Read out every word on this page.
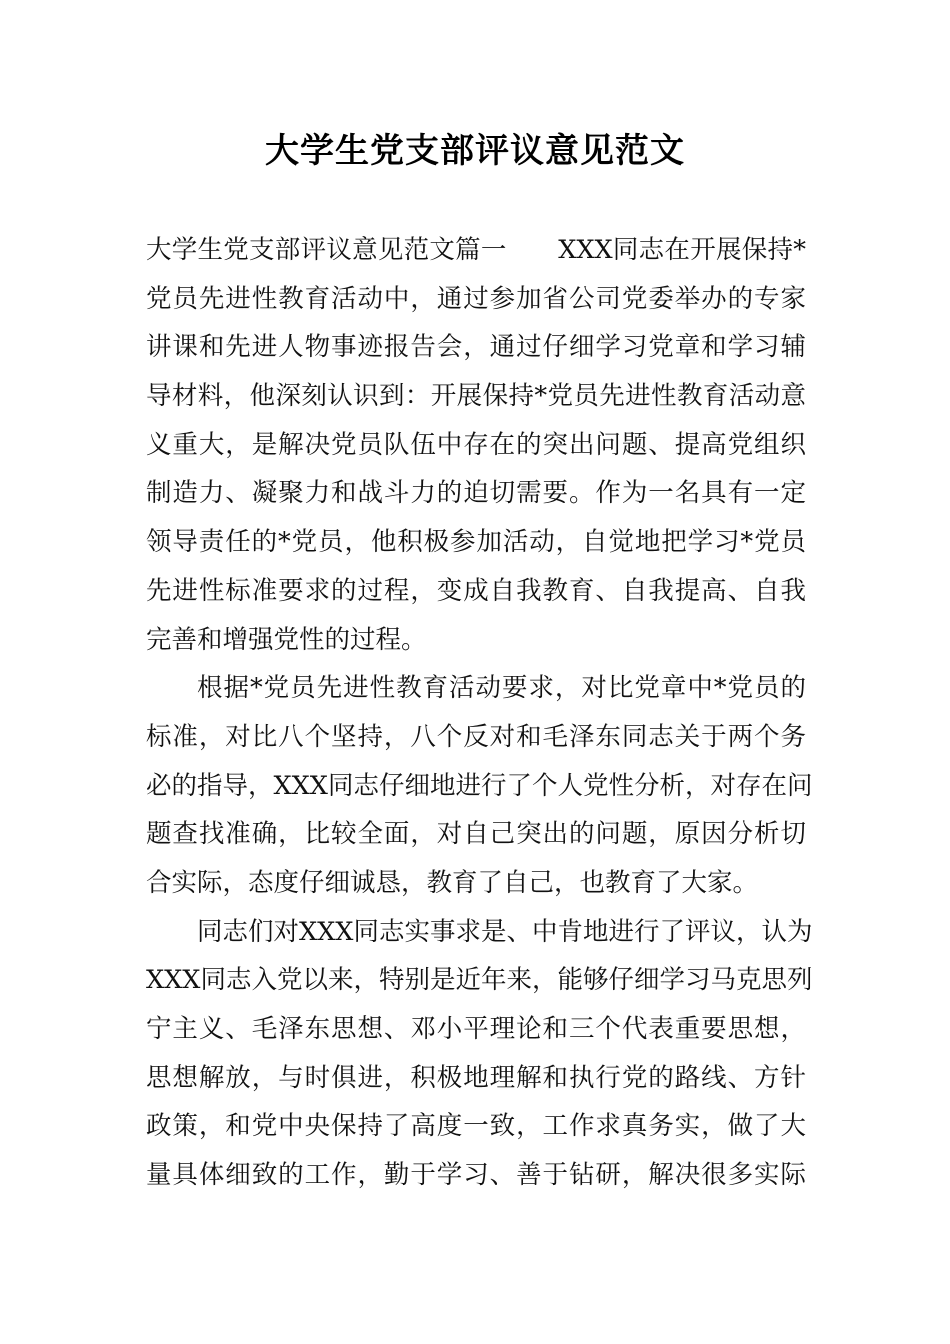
大学生党支部评议意见范文
大学生党支部评议意见范文篇一　　XXX同志在开展保持*
党员先进性教育活动中，通过参加省公司党委举办的专家
讲课和先进人物事迹报告会，通过仔细学习党章和学习辅
导材料，他深刻认识到：开展保持*党员先进性教育活动意
义重大，是解决党员队伍中存在的突出问题、提高党组织
制造力、凝聚力和战斗力的迫切需要。作为一名具有一定
领导责任的*党员，他积极参加活动，自觉地把学习*党员
先进性标准要求的过程，变成自我教育、自我提高、自我
完善和增强党性的过程。
根据*党员先进性教育活动要求，对比党章中*党员的
标准，对比八个坚持，八个反对和毛泽东同志关于两个务
必的指导，XXX同志仔细地进行了个人党性分析，对存在问
题查找准确，比较全面，对自己突出的问题，原因分析切
合实际，态度仔细诚恳，教育了自己，也教育了大家。
同志们对XXX同志实事求是、中肯地进行了评议，认为
XXX同志入党以来，特别是近年来，能够仔细学习马克思列
宁主义、毛泽东思想、邓小平理论和三个代表重要思想，
思想解放，与时俱进，积极地理解和执行党的路线、方针
政策，和党中央保持了高度一致，工作求真务实，做了大
量具体细致的工作，勤于学习、善于钻研，解决很多实际
